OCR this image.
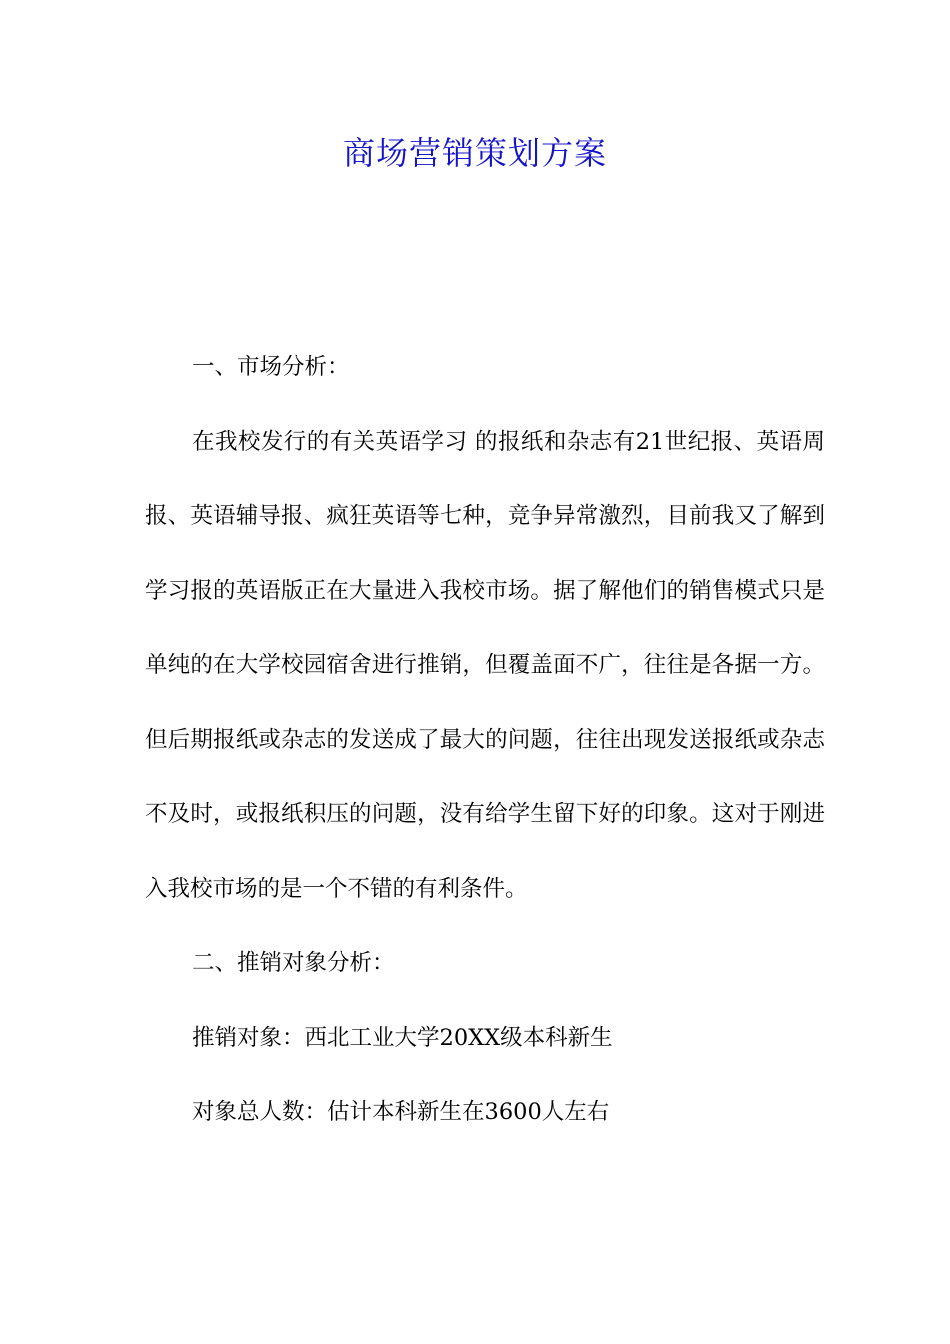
商场营销策划方案

一、市场分析：

在我校发行的有关英语学习 的报纸和杂志有21世纪报、英语周报、英语辅导报、疯狂英语等七种，竞争异常激烈，目前我又了解到学习报的英语版正在大量进入我校市场。据了解他们的销售模式只是单纯的在大学校园宿舍进行推销，但覆盖面不广，往往是各据一方。但后期报纸或杂志的发送成了最大的问题，往往出现发送报纸或杂志不及时，或报纸积压的问题，没有给学生留下好的印象。这对于刚进入我校市场的是一个不错的有利条件。

二、推销对象分析：

推销对象：西北工业大学20XX级本科新生

对象总人数：估计本科新生在3600人左右
